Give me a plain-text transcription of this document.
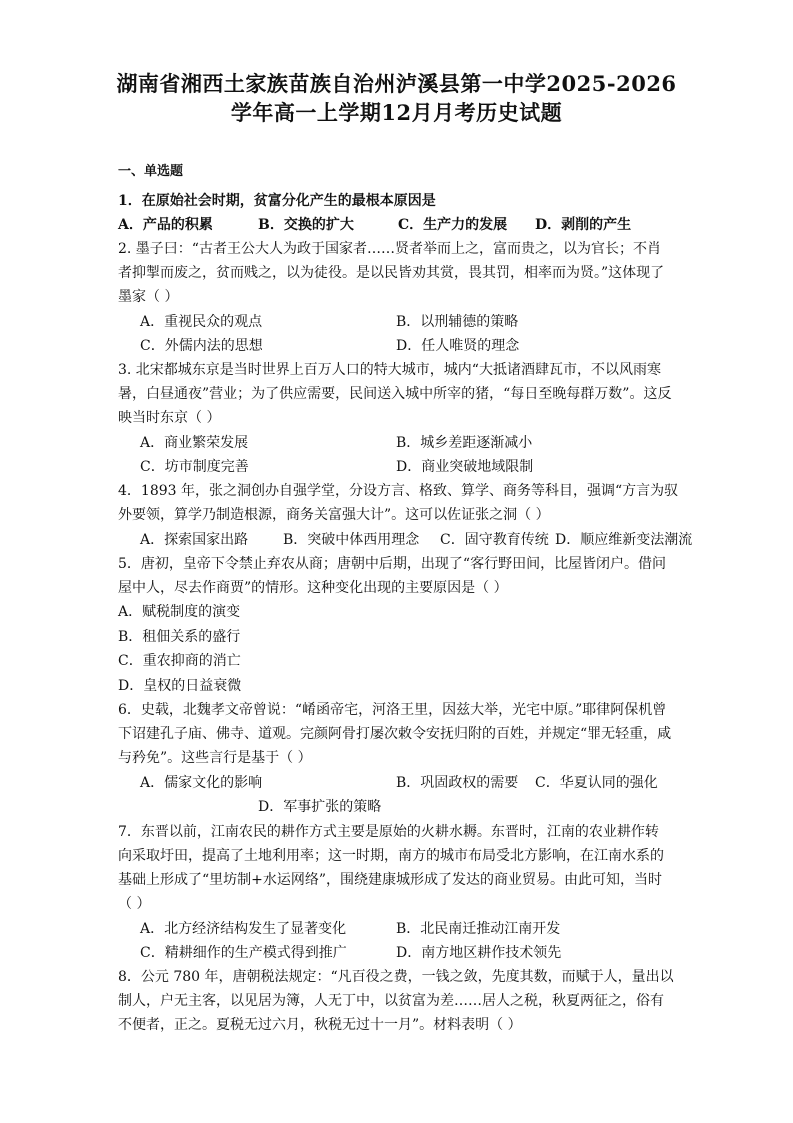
湖南省湘西土家族苗族自治州泸溪县第一中学2025-2026
学年高一上学期12月月考历史试题
一、单选题
1．在原始社会时期，贫富分化产生的最根本原因是
A．产品的积累	B．交换的扩大	C．生产力的发展 D．剥削的产生
2. 墨子曰：“古者王公大人为政于国家者……贤者举而上之，富而贵之，以为官长；不肖
者抑掣而废之，贫而贱之，以为徒役。是以民皆劝其赏，畏其罚，相率而为贤。”这体现了
墨家（ ）
A．重视民众的观点	B．以刑辅德的策略
C．外儒内法的思想	D．任人唯贤的理念
3. 北宋都城东京是当时世界上百万人口的特大城市，城内“大抵诸酒肆瓦市，不以风雨寒
暑，白昼通夜”营业；为了供应需要，民间送入城中所宰的猪，“每日至晚每群万数”。这反
映当时东京（ ）
A．商业繁荣发展	B．城乡差距逐渐减小
C．坊市制度完善	D．商业突破地域限制
4．1893 年，张之洞创办自强学堂，分设方言、格致、算学、商务等科目，强调“方言为驭
外要领，算学乃制造根源，商务关富强大计”。这可以佐证张之洞（ ）
A．探索国家出路 B．突破中体西用理念 C．固守教育传统 D．顺应维新变法潮流
5．唐初，皇帝下令禁止弃农从商；唐朝中后期，出现了“客行野田间，比屋皆闭户。借问
屋中人，尽去作商贾”的情形。这种变化出现的主要原因是（ ）
A．赋税制度的演变
B．租佃关系的盛行
C．重农抑商的消亡
D．皇权的日益衰微
6．史载，北魏孝文帝曾说：“崤函帝宅，河洛王里，因兹大举，光宅中原。”耶律阿保机曾
下诏建孔子庙、佛寺、道观。完颜阿骨打屡次敕令安抚归附的百姓，并规定“罪无轻重，咸
与矜免”。这些言行是基于（ ）
A．儒家文化的影响	B．巩固政权的需要 C．华夏认同的强化
D．军事扩张的策略
7．东晋以前，江南农民的耕作方式主要是原始的火耕水耨。东晋时，江南的农业耕作转
向采取圩田，提高了土地利用率；这一时期，南方的城市布局受北方影响，在江南水系的
基础上形成了“里坊制+水运网络”，围绕建康城形成了发达的商业贸易。由此可知，当时
（ ）
A．北方经济结构发生了显著变化	B．北民南迁推动江南开发
C．精耕细作的生产模式得到推广	D．南方地区耕作技术领先
8．公元 780 年，唐朝税法规定：“凡百役之费，一钱之敛，先度其数，而赋于人，量出以
制人，户无主客，以见居为簿，人无丁中，以贫富为差……居人之税，秋夏两征之，俗有
不便者，正之。夏税无过六月，秋税无过十一月”。材料表明（ ）
